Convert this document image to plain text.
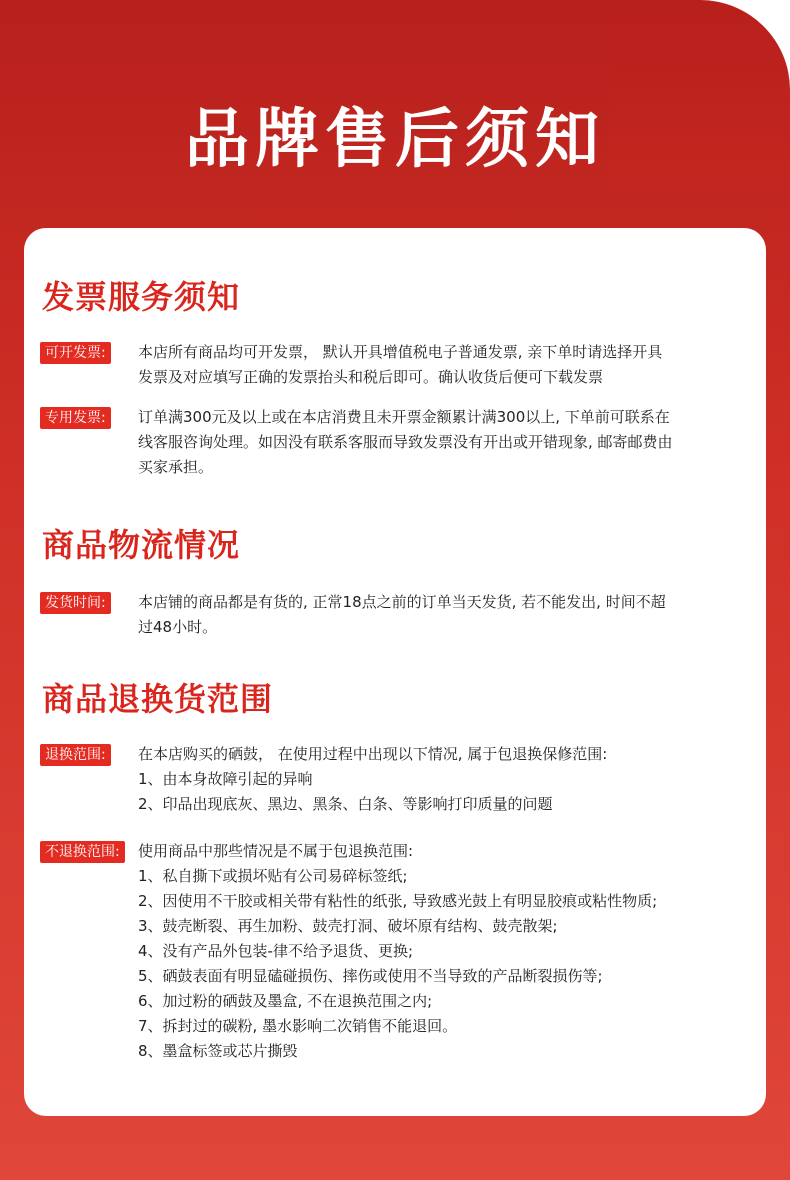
品牌售后须知
发票服务须知
可开发票:	本店所有商品均可开发票， 默认开具增值税电子普通发票, 亲下单时请选择开具

发票及对应填写正确的发票抬头和税后即可。确认收货后便可下载发票

专用发票:	订单满300元及以上或在本店消费且未开票金额累计满300以上, 下单前可联系在

线客服咨询处理。如因没有联系客服而导致发票没有开出或开错现象, 邮寄邮费由

买家承担。

商品物流情况
发货时间:	本店铺的商品都是有货的, 正常18点之前的订单当天发货, 若不能发出, 时间不超

过48小时。

商品退换货范围
退换范围:	在本店购买的硒鼓， 在使用过程中出现以下情况, 属于包退换保修范围:

1、由本身故障引起的异响

2、印品出现底灰、黑边、黑条、白条、等影响打印质量的问题

不退换范围:	使用商品中那些情况是不属于包退换范围:

1、私自撕下或损坏贴有公司易碎标签纸;

2、因使用不干胶或相关带有粘性的纸张, 导致感光鼓上有明显胶痕或粘性物质;

3、鼓壳断裂、再生加粉、鼓壳打洞、破坏原有结构、鼓壳散架;

4、没有产品外包装-律不给予退货、更换;

5、硒鼓表面有明显磕碰损伤、摔伤或使用不当导致的产品断裂损伤等;

6、加过粉的硒鼓及墨盒, 不在退换范围之内;

7、拆封过的碳粉, 墨水影响二次销售不能退回。

8、墨盒标签或芯片撕毁
